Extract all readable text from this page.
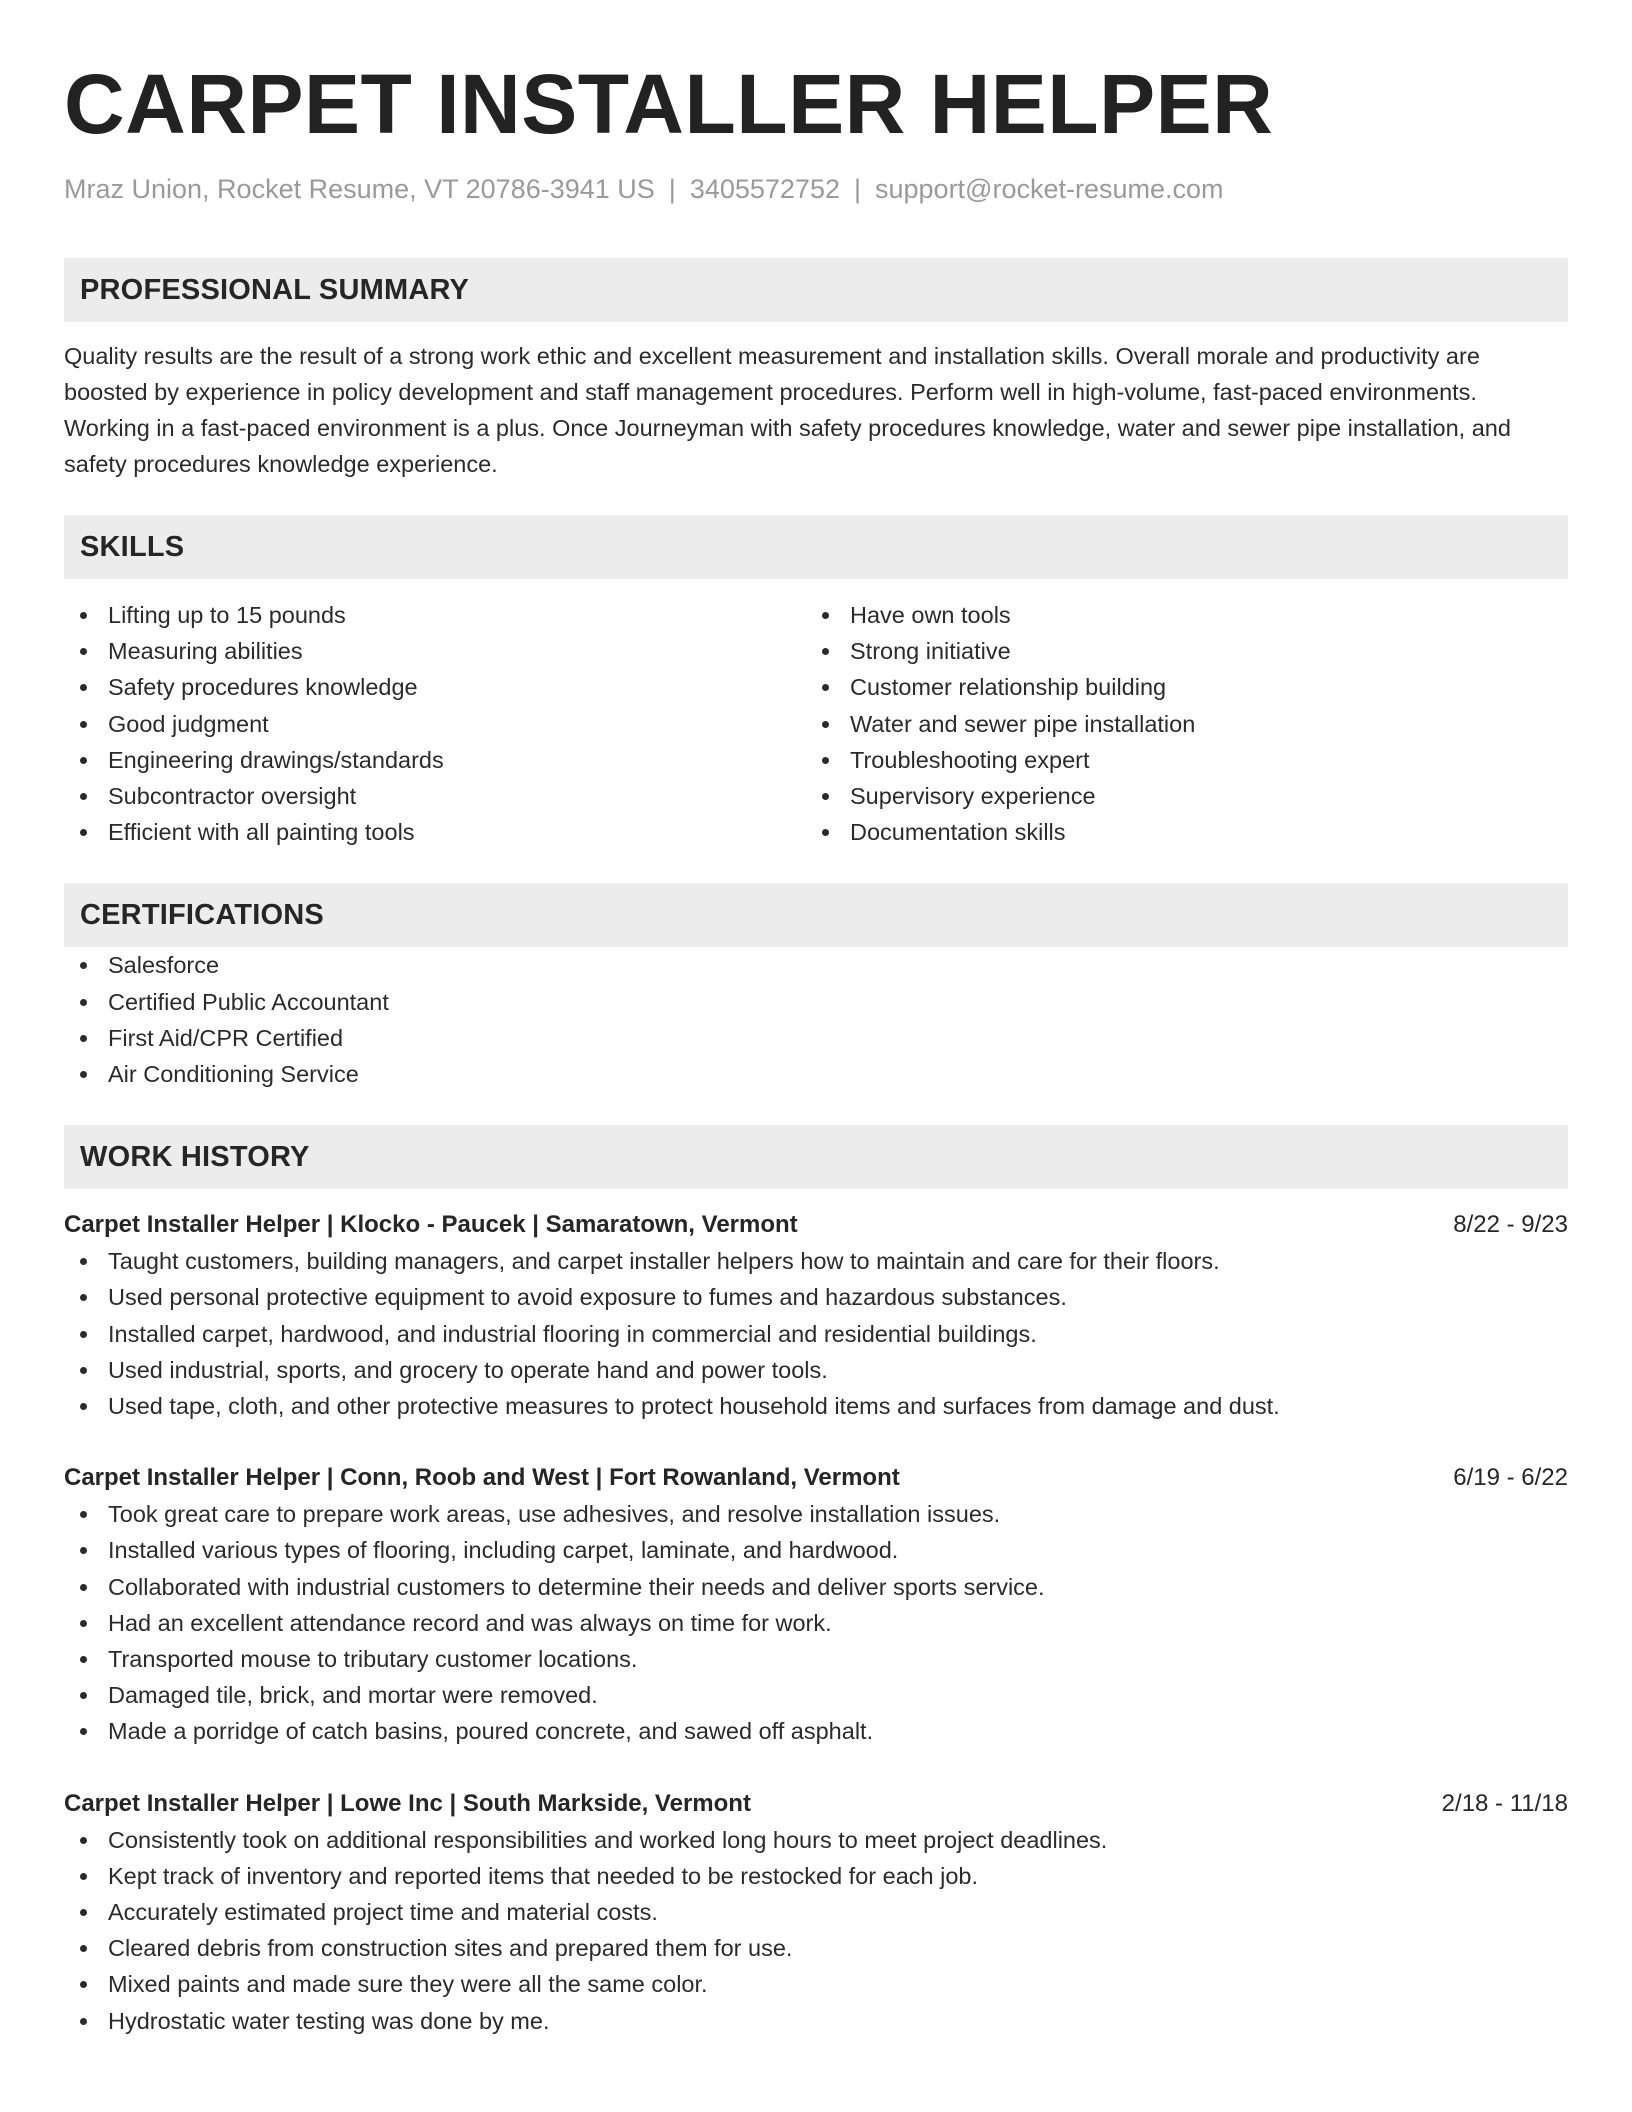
CARPET INSTALLER HELPER
Mraz Union, Rocket Resume, VT 20786-3941 US | 3405572752 | support@rocket-resume.com
PROFESSIONAL SUMMARY

Quality results are the result of a strong work ethic and excellent measurement and installation skills. Overall morale and productivity are boosted by experience in policy development and staff management procedures. Perform well in high-volume, fast-paced environments. Working in a fast-paced environment is a plus. Once Journeyman with safety procedures knowledge, water and sewer pipe installation, and safety procedures knowledge experience.

SKILLS
Lifting up to 15 pounds
Measuring abilities
Safety procedures knowledge
Good judgment
Engineering drawings/standards
Subcontractor oversight
Efficient with all painting tools
Have own tools
Strong initiative
Customer relationship building
Water and sewer pipe installation
Troubleshooting expert
Supervisory experience
Documentation skills
CERTIFICATIONS
Salesforce
Certified Public Accountant
First Aid/CPR Certified
Air Conditioning Service
WORK HISTORY
Carpet Installer Helper | Klocko - Paucek | Samaratown, Vermont	8/22 - 9/23
Taught customers, building managers, and carpet installer helpers how to maintain and care for their floors.
Used personal protective equipment to avoid exposure to fumes and hazardous substances.
Installed carpet, hardwood, and industrial flooring in commercial and residential buildings.
Used industrial, sports, and grocery to operate hand and power tools.
Used tape, cloth, and other protective measures to protect household items and surfaces from damage and dust.
Carpet Installer Helper | Conn, Roob and West | Fort Rowanland, Vermont	6/19 - 6/22
Took great care to prepare work areas, use adhesives, and resolve installation issues.
Installed various types of flooring, including carpet, laminate, and hardwood.
Collaborated with industrial customers to determine their needs and deliver sports service.
Had an excellent attendance record and was always on time for work.
Transported mouse to tributary customer locations.
Damaged tile, brick, and mortar were removed.
Made a porridge of catch basins, poured concrete, and sawed off asphalt.
Carpet Installer Helper | Lowe Inc | South Markside, Vermont	2/18 - 11/18
Consistently took on additional responsibilities and worked long hours to meet project deadlines.
Kept track of inventory and reported items that needed to be restocked for each job.
Accurately estimated project time and material costs.
Cleared debris from construction sites and prepared them for use.
Mixed paints and made sure they were all the same color.
Hydrostatic water testing was done by me.
